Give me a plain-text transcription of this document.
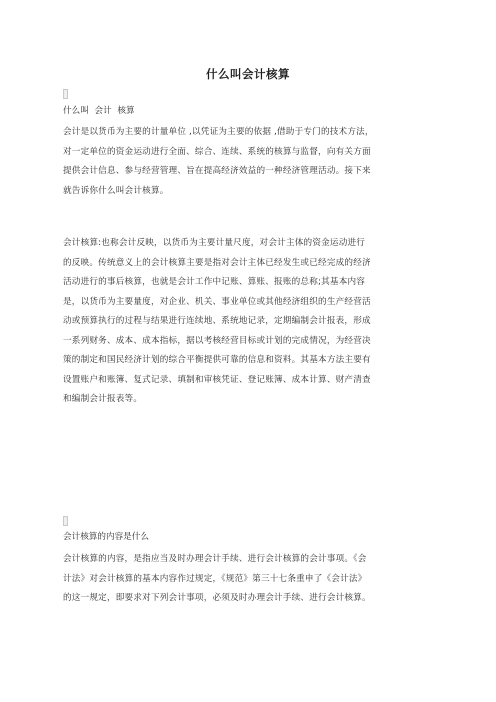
什么叫会计核算
什么叫 会计 核算
会计是以货币为主要的计量单位 ,以凭证为主要的依据 ,借助于专门的技术方法，
对一定单位的资金运动进行全面、综合、连续、系统的核算与监督，向有关方面
提供会计信息、参与经营管理、旨在提高经济效益的一种经济管理活动。接下来
就告诉你什么叫会计核算。
会计核算:也称会计反映，以货币为主要计量尺度，对会计主体的资金运动进行
的反映。传统意义上的会计核算主要是指对会计主体已经发生或已经完成的经济
活动进行的事后核算，也就是会计工作中记账、算账、报账的总称;其基本内容
是，以货币为主要量度，对企业、机关、事业单位或其他经济组织的生产经营活
动或预算执行的过程与结果进行连续地、系统地记录，定期编制会计报表，形成
一系列财务、成本、成本指标，据以考核经营目标或计划的完成情况，为经营决
策的制定和国民经济计划的综合平衡提供可靠的信息和资料。其基本方法主要有
设置账户和账簿、复式记录、填制和审核凭证、登记账簿、成本计算、财产清查
和编制会计报表等。
会计核算的内容是什么
会计核算的内容，是指应当及时办理会计手续、进行会计核算的会计事项。《会
计法》对会计核算的基本内容作过规定，《规范》第三十七条重申了《会计法》
的这一规定，即要求对下列会计事项，必须及时办理会计手续、进行会计核算。
